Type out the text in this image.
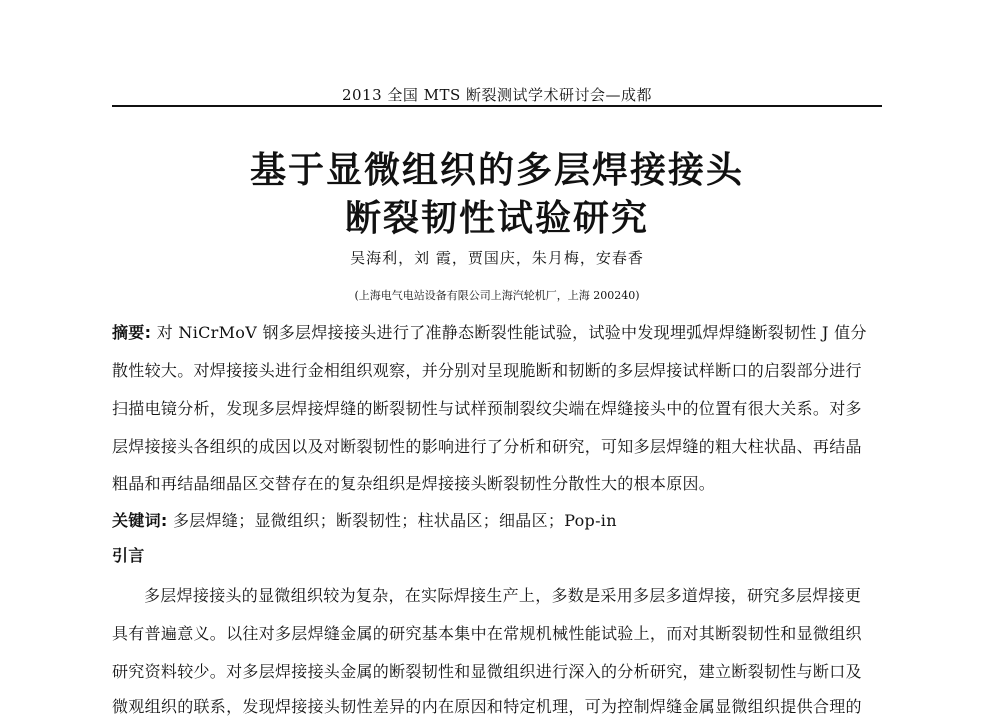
2013 全国 MTS 断裂测试学术研讨会—成都
基于显微组织的多层焊接接头
断裂韧性试验研究
吴海利，刘 霞，贾国庆，朱月梅，安春香
(上海电气电站设备有限公司上海汽轮机厂，上海 200240)
摘要: 对 NiCrMoV 钢多层焊接接头进行了准静态断裂性能试验，试验中发现埋弧焊焊缝断裂韧性 J 值分
散性较大。对焊接接头进行金相组织观察，并分别对呈现脆断和韧断的多层焊接试样断口的启裂部分进行
扫描电镜分析，发现多层焊接焊缝的断裂韧性与试样预制裂纹尖端在焊缝接头中的位置有很大关系。对多
层焊接接头各组织的成因以及对断裂韧性的影响进行了分析和研究，可知多层焊缝的粗大柱状晶、再结晶
粗晶和再结晶细晶区交替存在的复杂组织是焊接接头断裂韧性分散性大的根本原因。
关键词: 多层焊缝；显微组织；断裂韧性；柱状晶区；细晶区；Pop-in
引言
多层焊接接头的显微组织较为复杂，在实际焊接生产上，多数是采用多层多道焊接，研究多层焊接更
具有普遍意义。以往对多层焊缝金属的研究基本集中在常规机械性能试验上，而对其断裂韧性和显微组织
研究资料较少。对多层焊接接头金属的断裂韧性和显微组织进行深入的分析研究，建立断裂韧性与断口及
微观组织的联系，发现焊接接头韧性差异的内在原因和特定机理，可为控制焊缝金属显微组织提供合理的
